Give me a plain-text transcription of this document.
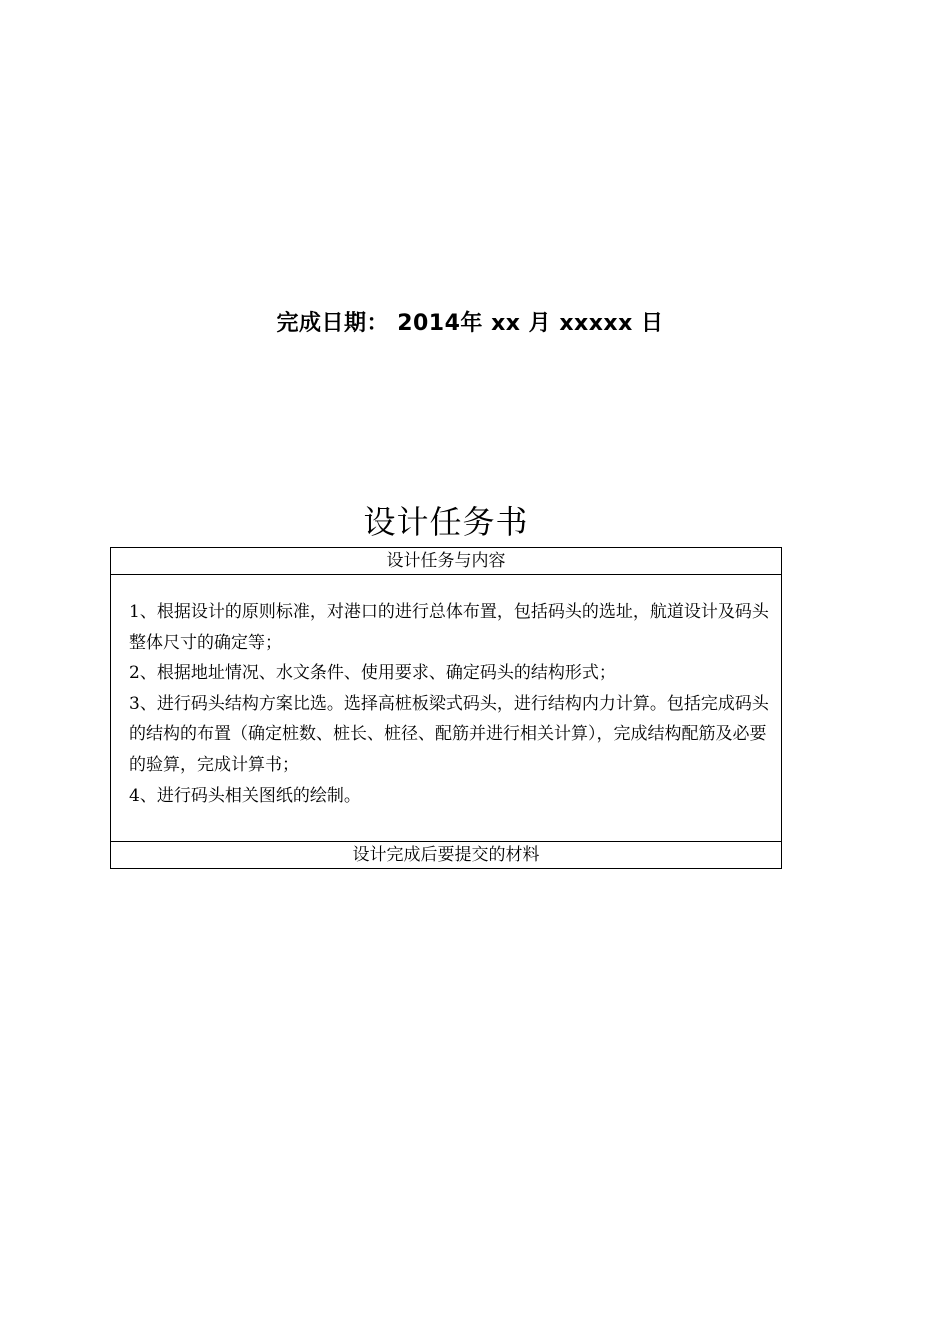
完成日期： 2014年 xx 月 xxxxx 日
设计任务书
设计任务与内容

1、根据设计的原则标准，对港口的进行总体布置，包括码头的选址，航道设计及码头整体尺寸的确定等；

2、根据地址情况、水文条件、使用要求、确定码头的结构形式；

3、进行码头结构方案比选。选择高桩板梁式码头，进行结构内力计算。包括完成码头的结构的布置（确定桩数、桩长、桩径、配筋并进行相关计算），完成结构配筋及必要的验算，完成计算书；

4、进行码头相关图纸的绘制。

设计完成后要提交的材料
